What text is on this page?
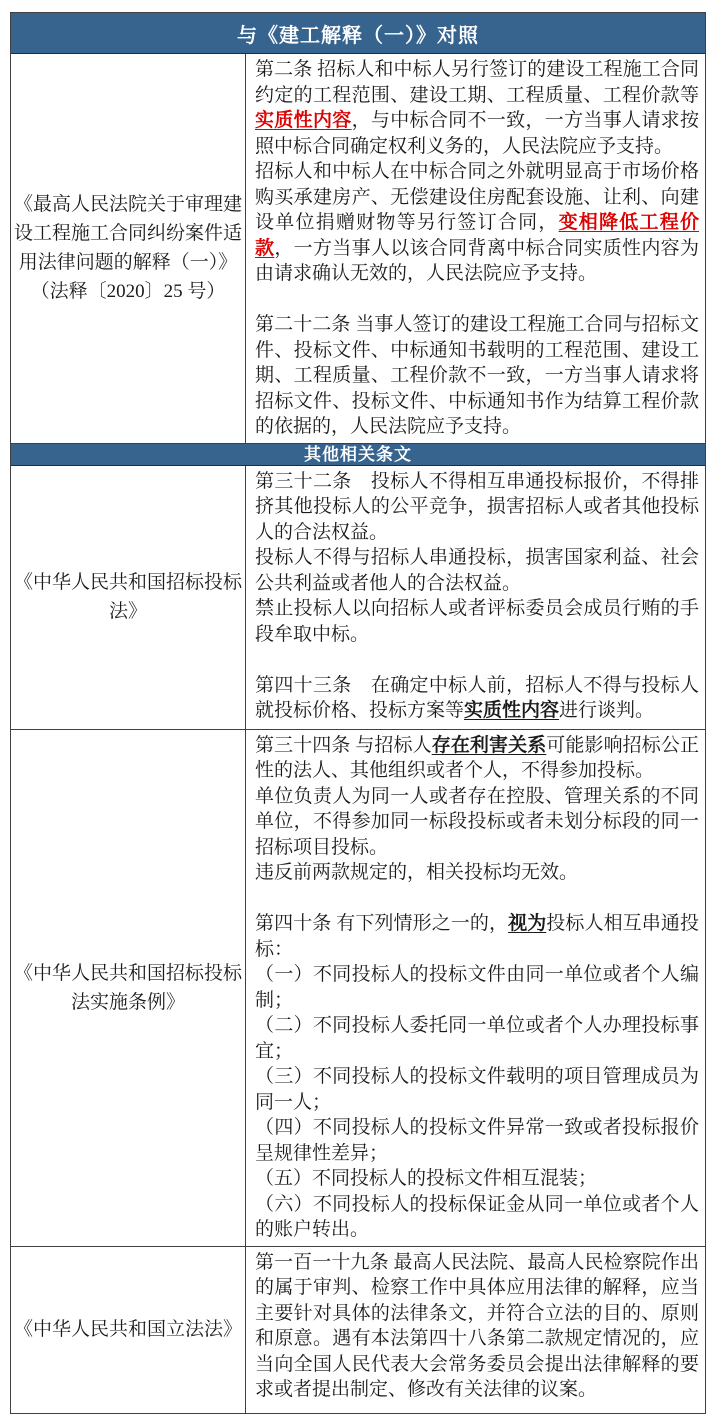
与《建工解释（一）》对照
《最高人民法院关于审理建设工程施工合同纠纷案件适用法律问题的解释（一）》（法释〔2020〕25 号）
第二条 招标人和中标人另行签订的建设工程施工合同约定的工程范围、建设工期、工程质量、工程价款等实质性内容，与中标合同不一致，一方当事人请求按照中标合同确定权利义务的，人民法院应予支持。
招标人和中标人在中标合同之外就明显高于市场价格购买承建房产、无偿建设住房配套设施、让利、向建设单位捐赠财物等另行签订合同，变相降低工程价款，一方当事人以该合同背离中标合同实质性内容为由请求确认无效的，人民法院应予支持。

第二十二条 当事人签订的建设工程施工合同与招标文件、投标文件、中标通知书载明的工程范围、建设工期、工程质量、工程价款不一致，一方当事人请求将招标文件、投标文件、中标通知书作为结算工程价款的依据的，人民法院应予支持。
其他相关条文
《中华人民共和国招标投标法》
第三十二条　投标人不得相互串通投标报价，不得排挤其他投标人的公平竞争，损害招标人或者其他投标人的合法权益。
投标人不得与招标人串通投标，损害国家利益、社会公共利益或者他人的合法权益。
禁止投标人以向招标人或者评标委员会成员行贿的手段牟取中标。

第四十三条　在确定中标人前，招标人不得与投标人就投标价格、投标方案等实质性内容进行谈判。
《中华人民共和国招标投标法实施条例》
第三十四条 与招标人存在利害关系可能影响招标公正性的法人、其他组织或者个人，不得参加投标。
单位负责人为同一人或者存在控股、管理关系的不同单位，不得参加同一标段投标或者未划分标段的同一招标项目投标。
违反前两款规定的，相关投标均无效。

第四十条 有下列情形之一的，视为投标人相互串通投标：
（一）不同投标人的投标文件由同一单位或者个人编制；
（二）不同投标人委托同一单位或者个人办理投标事宜；
（三）不同投标人的投标文件载明的项目管理成员为同一人；
（四）不同投标人的投标文件异常一致或者投标报价呈规律性差异；
（五）不同投标人的投标文件相互混装；
（六）不同投标人的投标保证金从同一单位或者个人的账户转出。
《中华人民共和国立法法》
第一百一十九条 最高人民法院、最高人民检察院作出的属于审判、检察工作中具体应用法律的解释，应当主要针对具体的法律条文，并符合立法的目的、原则和原意。遇有本法第四十八条第二款规定情况的，应当向全国人民代表大会常务委员会提出法律解释的要求或者提出制定、修改有关法律的议案。
